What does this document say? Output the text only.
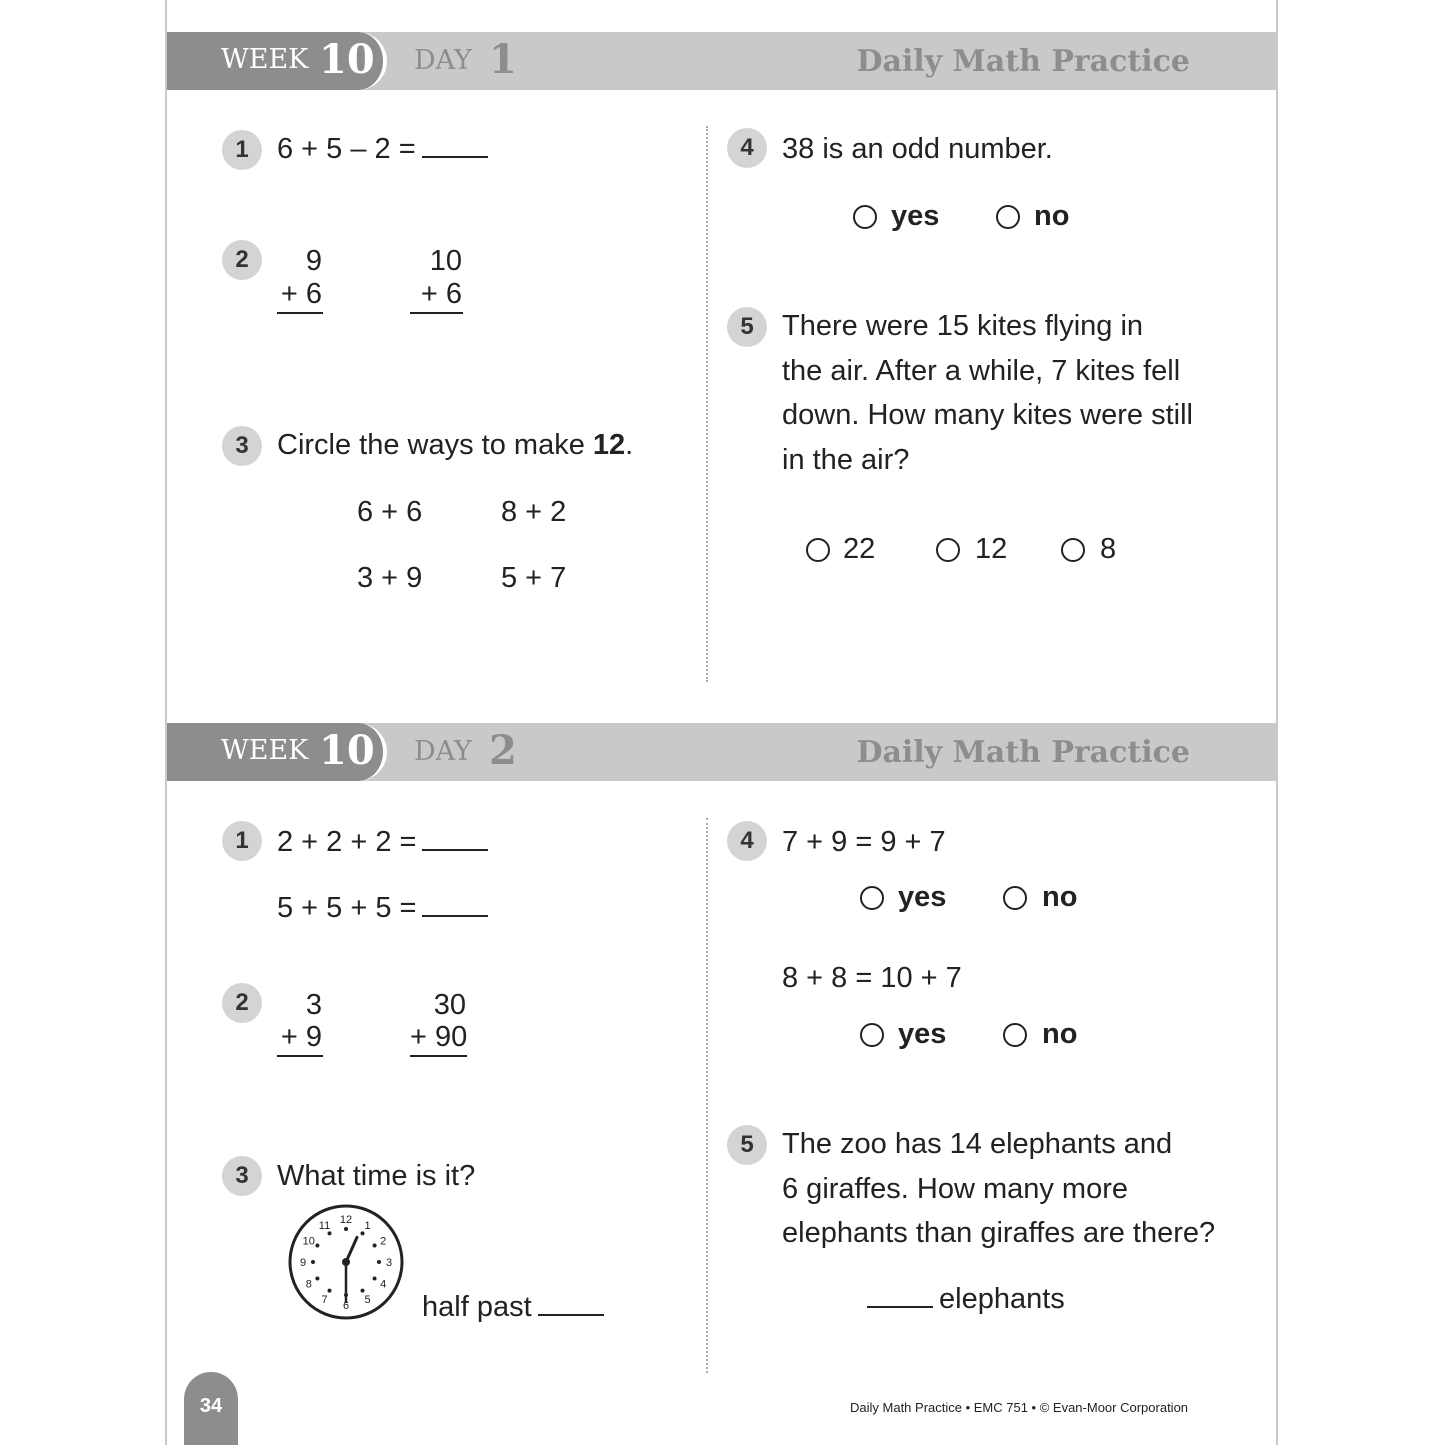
WEEK 10 DAY 1	Daily Math Practice
1 6 + 5 – 2 =
2	9
+ 6
10
+ 6
3 Circle the ways to make 12.
6 + 6	8 + 2
3 + 9	5 + 7
4 38 is an odd number.
yes	no
5 There were 15 kites flying in
the air. After a while, 7 kites fell
down. How many kites were still
in the air?
22	12	8
WEEK 10 DAY 2	Daily Math Practice
1 2 + 2 + 2 =
5 + 5 + 5 =
2	3
+ 9
30
+ 90
3 What time is it?
12 1
2
3
4
5
6
7
8
9
10
11
half past
4 7 + 9 = 9 + 7
yes	no
8 + 8 = 10 + 7
yes	no
5 The zoo has 14 elephants and
6 giraffes. How many more
elephants than giraffes are there?
elephants
34	Daily Math Practice • EMC 751 • © Evan-Moor Corporation
